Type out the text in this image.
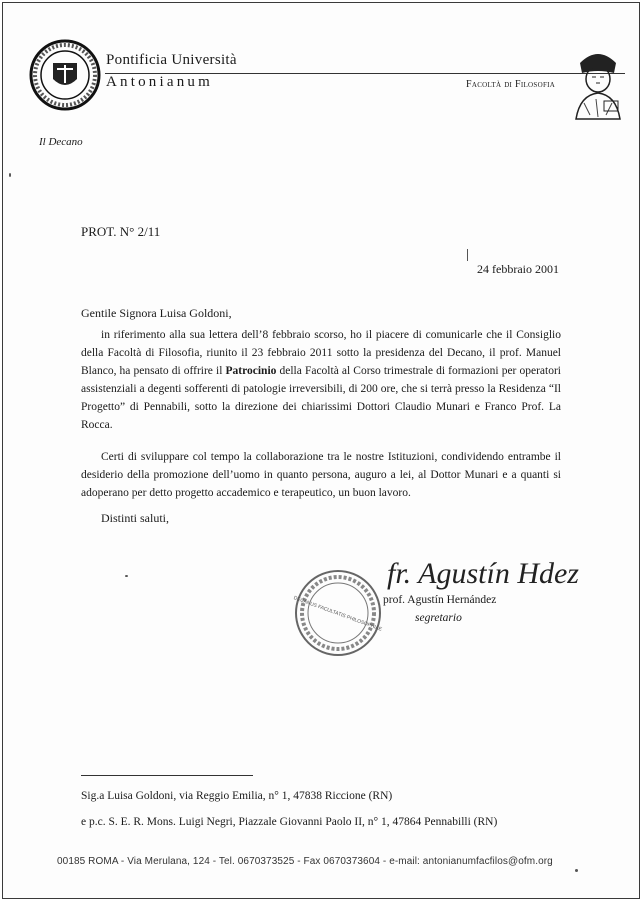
Pontificia Università
Antonianum	Facoltà di Filosofia
Il Decano
PROT. N° 2/11
24 febbraio 2001
Gentile Signora Luisa Goldoni,

in riferimento alla sua lettera dell’8 febbraio scorso, ho il piacere di comunicarle che il Consiglio della Facoltà di Filosofia, riunito il 23 febbraio 2011 sotto la presidenza del Decano, il prof. Manuel Blanco, ha pensato di offrire il Patrocinio della Facoltà al Corso trimestrale di formazioni per operatori assistenziali a degenti sofferenti di patologie irreversibili, di 200 ore, che si terrà presso la Residenza “Il Progetto” di Pennabili, sotto la direzione dei chiarissimi Dottori Claudio Munari e Franco Prof. La Rocca.

Certi di sviluppare col tempo la collaborazione tra le nostre Istituzioni, condividendo entrambe il desiderio della promozione dell’uomo in quanto persona, auguro a lei, al Dottor Munari e a quanti si adoperano per detto progetto accademico e terapeutico, un buon lavoro.

Distinti saluti,
DECANUS FACULTATIS PHILOSOPHIAE
fr. Agustín Hdez
prof. Agustín Hernández
segretario
Sig.a Luisa Goldoni, via Reggio Emilia, n° 1, 47838 Riccione (RN)
e p.c. S. E. R. Mons. Luigi Negri, Piazzale Giovanni Paolo II, n° 1, 47864 Pennabilli (RN)
00185 ROMA - Via Merulana, 124 - Tel. 0670373525 - Fax 0670373604 - e-mail: antonianumfacfilos@ofm.org
